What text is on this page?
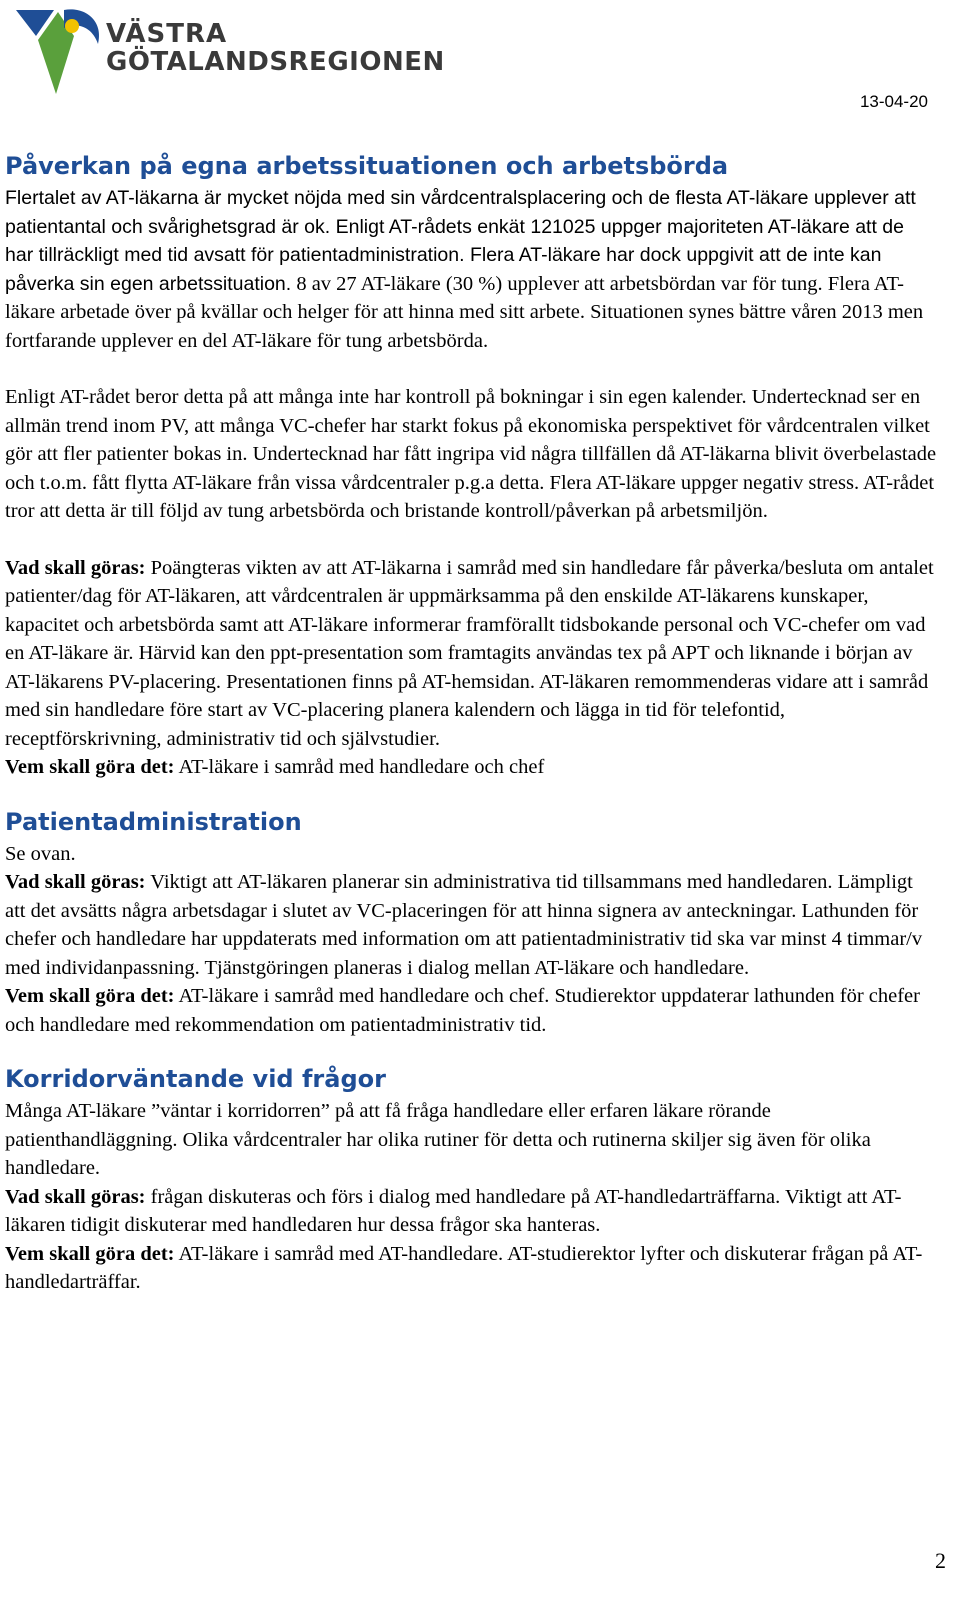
VÄSTRA
GÖTALANDSREGIONEN
13-04-20
Påverkan på egna arbetssituationen och arbetsbörda

Flertalet av AT-läkarna är mycket nöjda med sin vårdcentralsplacering och de flesta AT-läkare upplever att patientantal och svårighetsgrad är ok. Enligt AT-rådets enkät 121025 uppger majoriteten AT-läkare att de har tillräckligt med tid avsatt för patientadministration. Flera AT-läkare har dock uppgivit att de inte kan påverka sin egen arbetssituation. 8 av 27 AT-läkare (30 %) upplever att arbetsbördan var för tung. Flera AT-läkare arbetade över på kvällar och helger för att hinna med sitt arbete. Situationen synes bättre våren 2013 men fortfarande upplever en del AT-läkare för tung arbetsbörda.

Enligt AT-rådet beror detta på att många inte har kontroll på bokningar i sin egen kalender. Undertecknad ser en allmän trend inom PV, att många VC-chefer har starkt fokus på ekonomiska perspektivet för vårdcentralen vilket gör att fler patienter bokas in. Undertecknad har fått ingripa vid några tillfällen då AT-läkarna blivit överbelastade och t.o.m. fått flytta AT-läkare från vissa vårdcentraler p.g.a detta. Flera AT-läkare uppger negativ stress. AT-rådet tror att detta är till följd av tung arbetsbörda och bristande kontroll/påverkan på arbetsmiljön.

Vad skall göras: Poängteras vikten av att AT-läkarna i samråd med sin handledare får påverka/besluta om antalet patienter/dag för AT-läkaren, att vårdcentralen är uppmärksamma på den enskilde AT-läkarens kunskaper, kapacitet och arbetsbörda samt att AT-läkare informerar framförallt tidsbokande personal och VC-chefer om vad en AT-läkare är. Härvid kan den ppt-presentation som framtagits användas tex på APT och liknande i början av AT-läkarens PV-placering. Presentationen finns på AT-hemsidan. AT-läkaren remommenderas vidare att i samråd med sin handledare före start av VC-placering planera kalendern och lägga in tid för telefontid, receptförskrivning, administrativ tid och självstudier.
Vem skall göra det: AT-läkare i samråd med handledare och chef

Patientadministration

Se ovan.
Vad skall göras: Viktigt att AT-läkaren planerar sin administrativa tid tillsammans med handledaren. Lämpligt att det avsätts några arbetsdagar i slutet av VC-placeringen för att hinna signera av anteckningar. Lathunden för chefer och handledare har uppdaterats med information om att patientadministrativ tid ska var minst 4 timmar/v med individanpassning. Tjänstgöringen planeras i dialog mellan AT-läkare och handledare.
Vem skall göra det: AT-läkare i samråd med handledare och chef. Studierektor uppdaterar lathunden för chefer och handledare med rekommendation om patientadministrativ tid.

Korridorväntande vid frågor

Många AT-läkare ”väntar i korridorren” på att få fråga handledare eller erfaren läkare rörande patienthandläggning. Olika vårdcentraler har olika rutiner för detta och rutinerna skiljer sig även för olika handledare.
Vad skall göras: frågan diskuteras och förs i dialog med handledare på AT-handledarträffarna. Viktigt att AT-läkaren tidigit diskuterar med handledaren hur dessa frågor ska hanteras.
Vem skall göra det: AT-läkare i samråd med AT-handledare. AT-studierektor lyfter och diskuterar frågan på AT-handledarträffar.

2
